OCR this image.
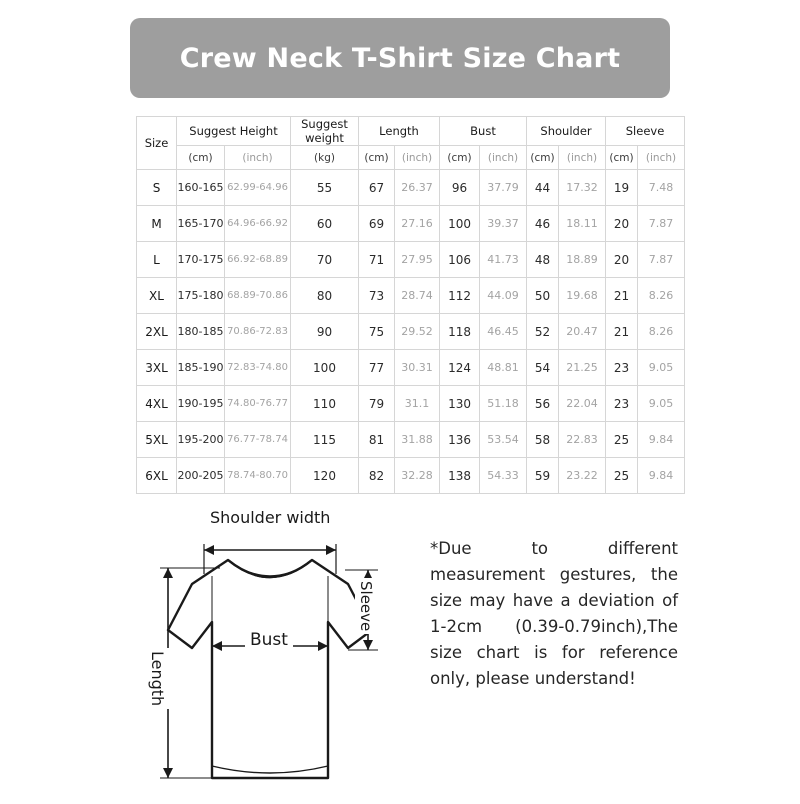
Crew Neck T-Shirt Size Chart
Size	Suggest Height		Suggest weight	Length		Bust		Shoulder		Sleeve	
	(cm)	(inch)	(kg)	(cm)	(inch)	(cm)	(inch)	(cm)	(inch)	(cm)	(inch)
S	160-165	62.99-64.96	55	67	26.37	96	37.79	44	17.32	19	7.48
M	165-170	64.96-66.92	60	69	27.16	100	39.37	46	18.11	20	7.87
L	170-175	66.92-68.89	70	71	27.95	106	41.73	48	18.89	20	7.87
XL	175-180	68.89-70.86	80	73	28.74	112	44.09	50	19.68	21	8.26
2XL	180-185	70.86-72.83	90	75	29.52	118	46.45	52	20.47	21	8.26
3XL	185-190	72.83-74.80	100	77	30.31	124	48.81	54	21.25	23	9.05
4XL	190-195	74.80-76.77	110	79	31.1	130	51.18	56	22.04	23	9.05
5XL	195-200	76.77-78.74	115	81	31.88	136	53.54	58	22.83	25	9.84
6XL	200-205	78.74-80.70	120	82	32.28	138	54.33	59	23.22	25	9.84
Shoulder width
Bust
Sleeve
Length

*Due to different measurement gestures, the size may have a deviation of 1-2cm (0.39-0.79inch),The size chart is for reference only, please understand!
